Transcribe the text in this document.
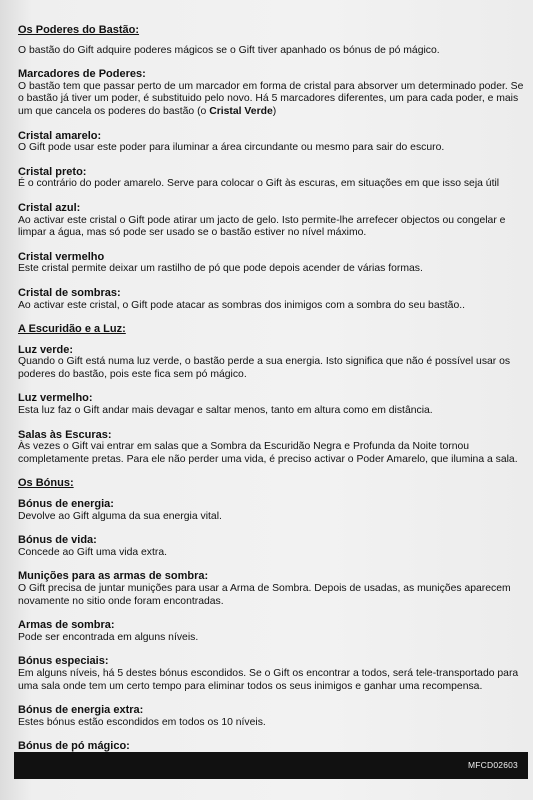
Os Poderes do Bastão:
O bastão do Gift adquire poderes mágicos se o Gift tiver apanhado os bónus de pó mágico.
Marcadores de Poderes:
O bastão tem que passar perto de um marcador em forma de cristal para absorver um determinado poder. Se o bastão já tiver um poder, é substituido pelo novo. Há 5 marcadores diferentes, um para cada poder, e mais um que cancela os poderes do bastão (o Cristal Verde)
Cristal amarelo:
O Gift pode usar este poder para iluminar a área circundante ou mesmo para sair do escuro.
Cristal preto:
É o contrário do poder amarelo. Serve para colocar o Gift às escuras, em situações em que isso seja útil
Cristal azul:
Ao activar este cristal o Gift pode atirar um jacto de gelo. Isto permite-lhe arrefecer objectos ou congelar e limpar a água, mas só pode ser usado se o bastão estiver no nível máximo.
Cristal vermelho
Este cristal permite deixar um rastilho de pó que pode depois acender de várias formas.
Cristal de sombras:
Ao activar este cristal, o Gift pode atacar as sombras dos inimigos com a sombra do seu bastão..
A Escuridão e a Luz:
Luz verde:
Quando o Gift está numa luz verde, o bastão perde a sua energia. Isto significa que não é possível usar os poderes do bastão, pois este fica sem pó mágico.
Luz vermelho:
Esta luz faz o Gift andar mais devagar e saltar menos, tanto em altura como em distância.
Salas às Escuras:
Às vezes o Gift vai entrar em salas que a Sombra da Escuridão Negra e Profunda da Noite tornou completamente pretas. Para ele não perder uma vida, é preciso activar o Poder Amarelo, que ilumina a sala.
Os Bónus:
Bónus de energia:
Devolve ao Gift alguma da sua energia vital.
Bónus de vida:
Concede ao Gift uma vida extra.
Munições para as armas de sombra:
O Gift precisa de juntar munições para usar a Arma de Sombra. Depois de usadas, as munições aparecem novamente no sitio onde foram encontradas.
Armas de sombra:
Pode ser encontrada em alguns níveis.
Bónus especiais:
Em alguns níveis, há 5 destes bónus escondidos. Se o Gift os encontrar a todos, será tele-transportado para uma sala onde tem um certo tempo para eliminar todos os seus inimigos e ganhar uma recompensa.
Bónus de energia extra:
Estes bónus estão escondidos em todos os 10 níveis.
Bónus de pó mágico:
MFCD02603
